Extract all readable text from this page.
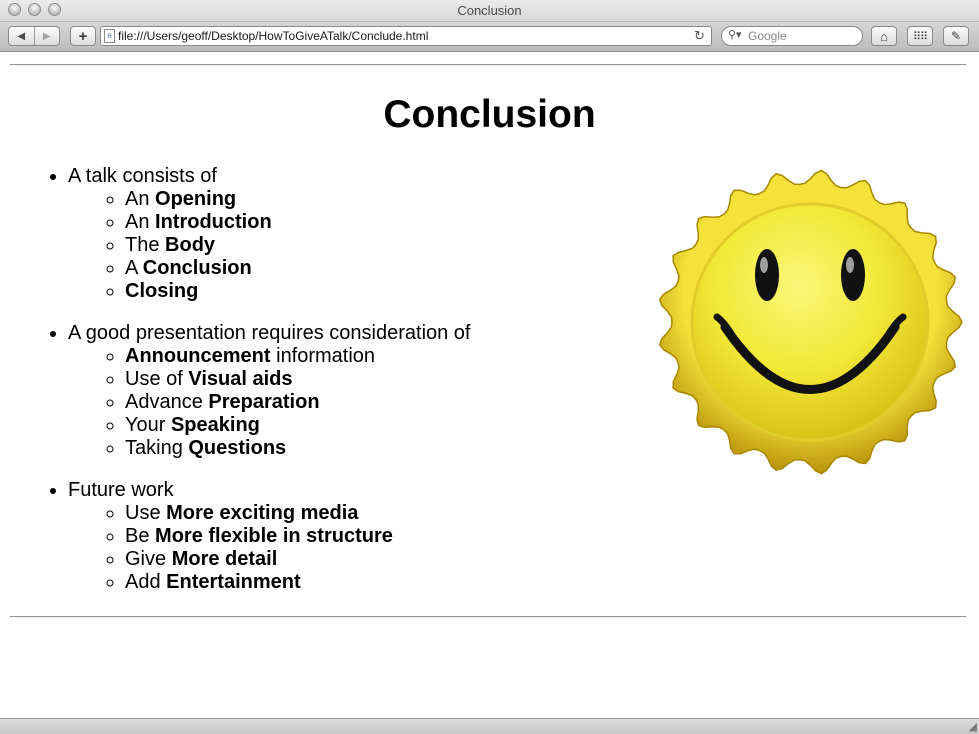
Conclusion
◀ ▶ +	e file:///Users/geoff/Desktop/HowToGiveATalk/Conclude.html	↻ ⚲▾
Google	⌂ ⠿⠿ ✎
Conclusion
• A talk consists of
◦ An Opening
◦ An Introduction
◦ The Body
◦ A Conclusion
◦ Closing
• A good presentation requires consideration of
◦ Announcement information
◦ Use of Visual aids
◦ Advance Preparation
◦ Your Speaking
◦ Taking Questions
• Future work
◦ Use More exciting media
◦ Be More flexible in structure
◦ Give More detail
◦ Add Entertainment
◢
